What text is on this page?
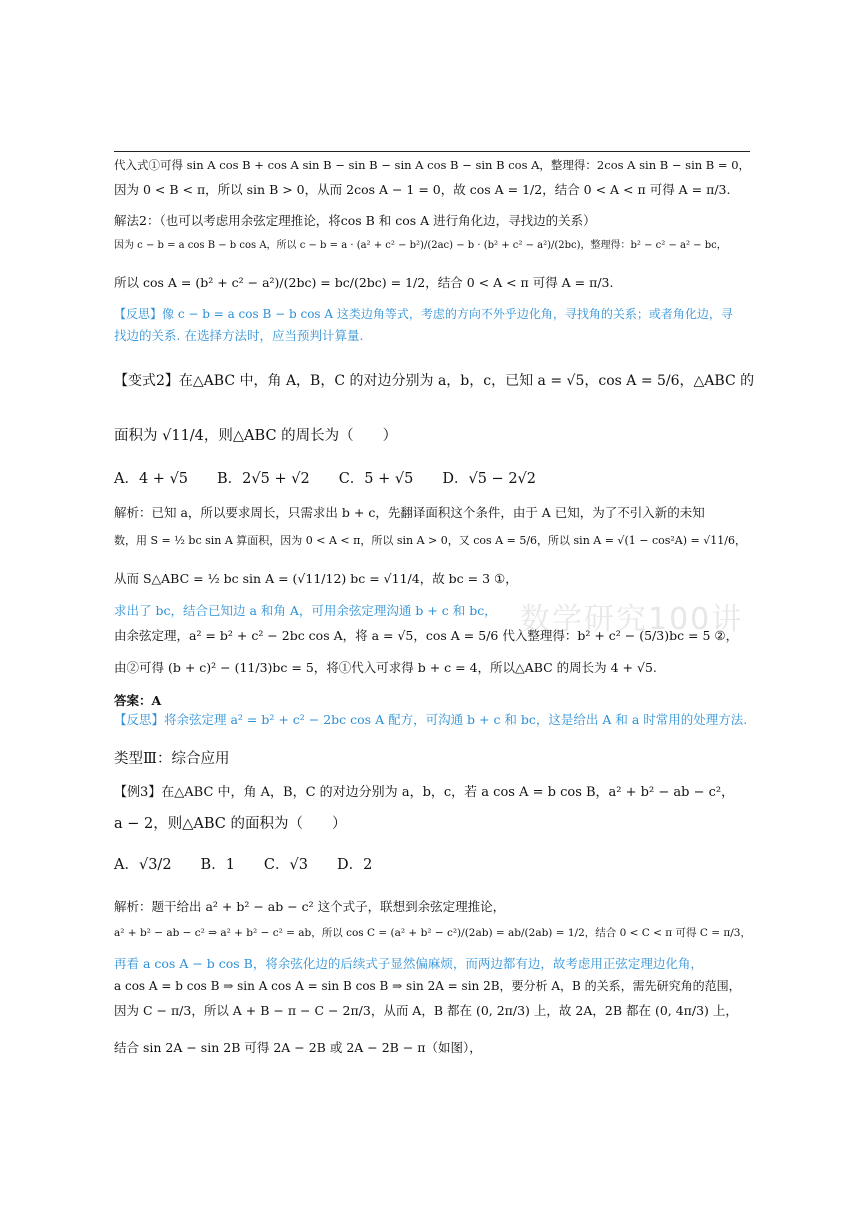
数学研究100讲
代入式①可得 sin A cos B + cos A sin B − sin B − sin A cos B − sin B cos A，整理得：2cos A sin B − sin B = 0，
因为 0 < B < π，所以 sin B > 0，从而 2cos A − 1 = 0，故 cos A = 1/2，结合 0 < A < π 可得 A = π/3.
解法2：（也可以考虑用余弦定理推论，将cos B 和 cos A 进行角化边，寻找边的关系）
因为 c − b = a cos B − b cos A，所以 c − b = a · (a² + c² − b²)/(2ac) − b · (b² + c² − a²)/(2bc)，整理得：b² − c² − a² − bc，
所以 cos A = (b² + c² − a²)/(2bc) = bc/(2bc) = 1/2，结合 0 < A < π 可得 A = π/3.
【反思】像 c − b = a cos B − b cos A 这类边角等式，考虑的方向不外乎边化角，寻找角的关系；或者角化边，寻
找边的关系. 在选择方法时，应当预判计算量.
【变式2】在△ABC 中，角 A，B，C 的对边分别为 a，b，c，已知 a = √5，cos A = 5/6，△ABC 的
面积为 √11/4，则△ABC 的周长为（　　）
A．4 + √5　　B．2√5 + √2　　C．5 + √5　　D．√5 − 2√2
解析：已知 a，所以要求周长，只需求出 b + c，先翻译面积这个条件，由于 A 已知，为了不引入新的未知
数，用 S = ½ bc sin A 算面积，因为 0 < A < π，所以 sin A > 0，又 cos A = 5/6，所以 sin A = √(1 − cos²A) = √11/6，
从而 S△ABC = ½ bc sin A = (√11/12) bc = √11/4，故 bc = 3 ①，
求出了 bc，结合已知边 a 和角 A，可用余弦定理沟通 b + c 和 bc，
由余弦定理，a² = b² + c² − 2bc cos A，将 a = √5，cos A = 5/6 代入整理得：b² + c² − (5/3)bc = 5 ②，
由②可得 (b + c)² − (11/3)bc = 5，将①代入可求得 b + c = 4，所以△ABC 的周长为 4 + √5.
答案：A
【反思】将余弦定理 a² = b² + c² − 2bc cos A 配方，可沟通 b + c 和 bc，这是给出 A 和 a 时常用的处理方法.
类型Ⅲ：综合应用
【例3】在△ABC 中，角 A，B，C 的对边分别为 a，b，c，若 a cos A = b cos B，a² + b² − ab − c²，
a − 2，则△ABC 的面积为（　　）
A．√3/2　　B．1　　C．√3　　D．2
解析：题干给出 a² + b² − ab − c² 这个式子，联想到余弦定理推论，
a² + b² − ab − c² ⇒ a² + b² − c² = ab，所以 cos C = (a² + b² − c²)/(2ab) = ab/(2ab) = 1/2，结合 0 < C < π 可得 C = π/3，
再看 a cos A − b cos B，将余弦化边的后续式子显然偏麻烦，而两边都有边，故考虑用正弦定理边化角，
a cos A = b cos B ⇒ sin A cos A = sin B cos B ⇒ sin 2A = sin 2B，要分析 A，B 的关系，需先研究角的范围，
因为 C − π/3，所以 A + B − π − C − 2π/3，从而 A，B 都在 (0, 2π/3) 上，故 2A，2B 都在 (0, 4π/3) 上，
结合 sin 2A − sin 2B 可得 2A − 2B 或 2A − 2B − π（如图），
